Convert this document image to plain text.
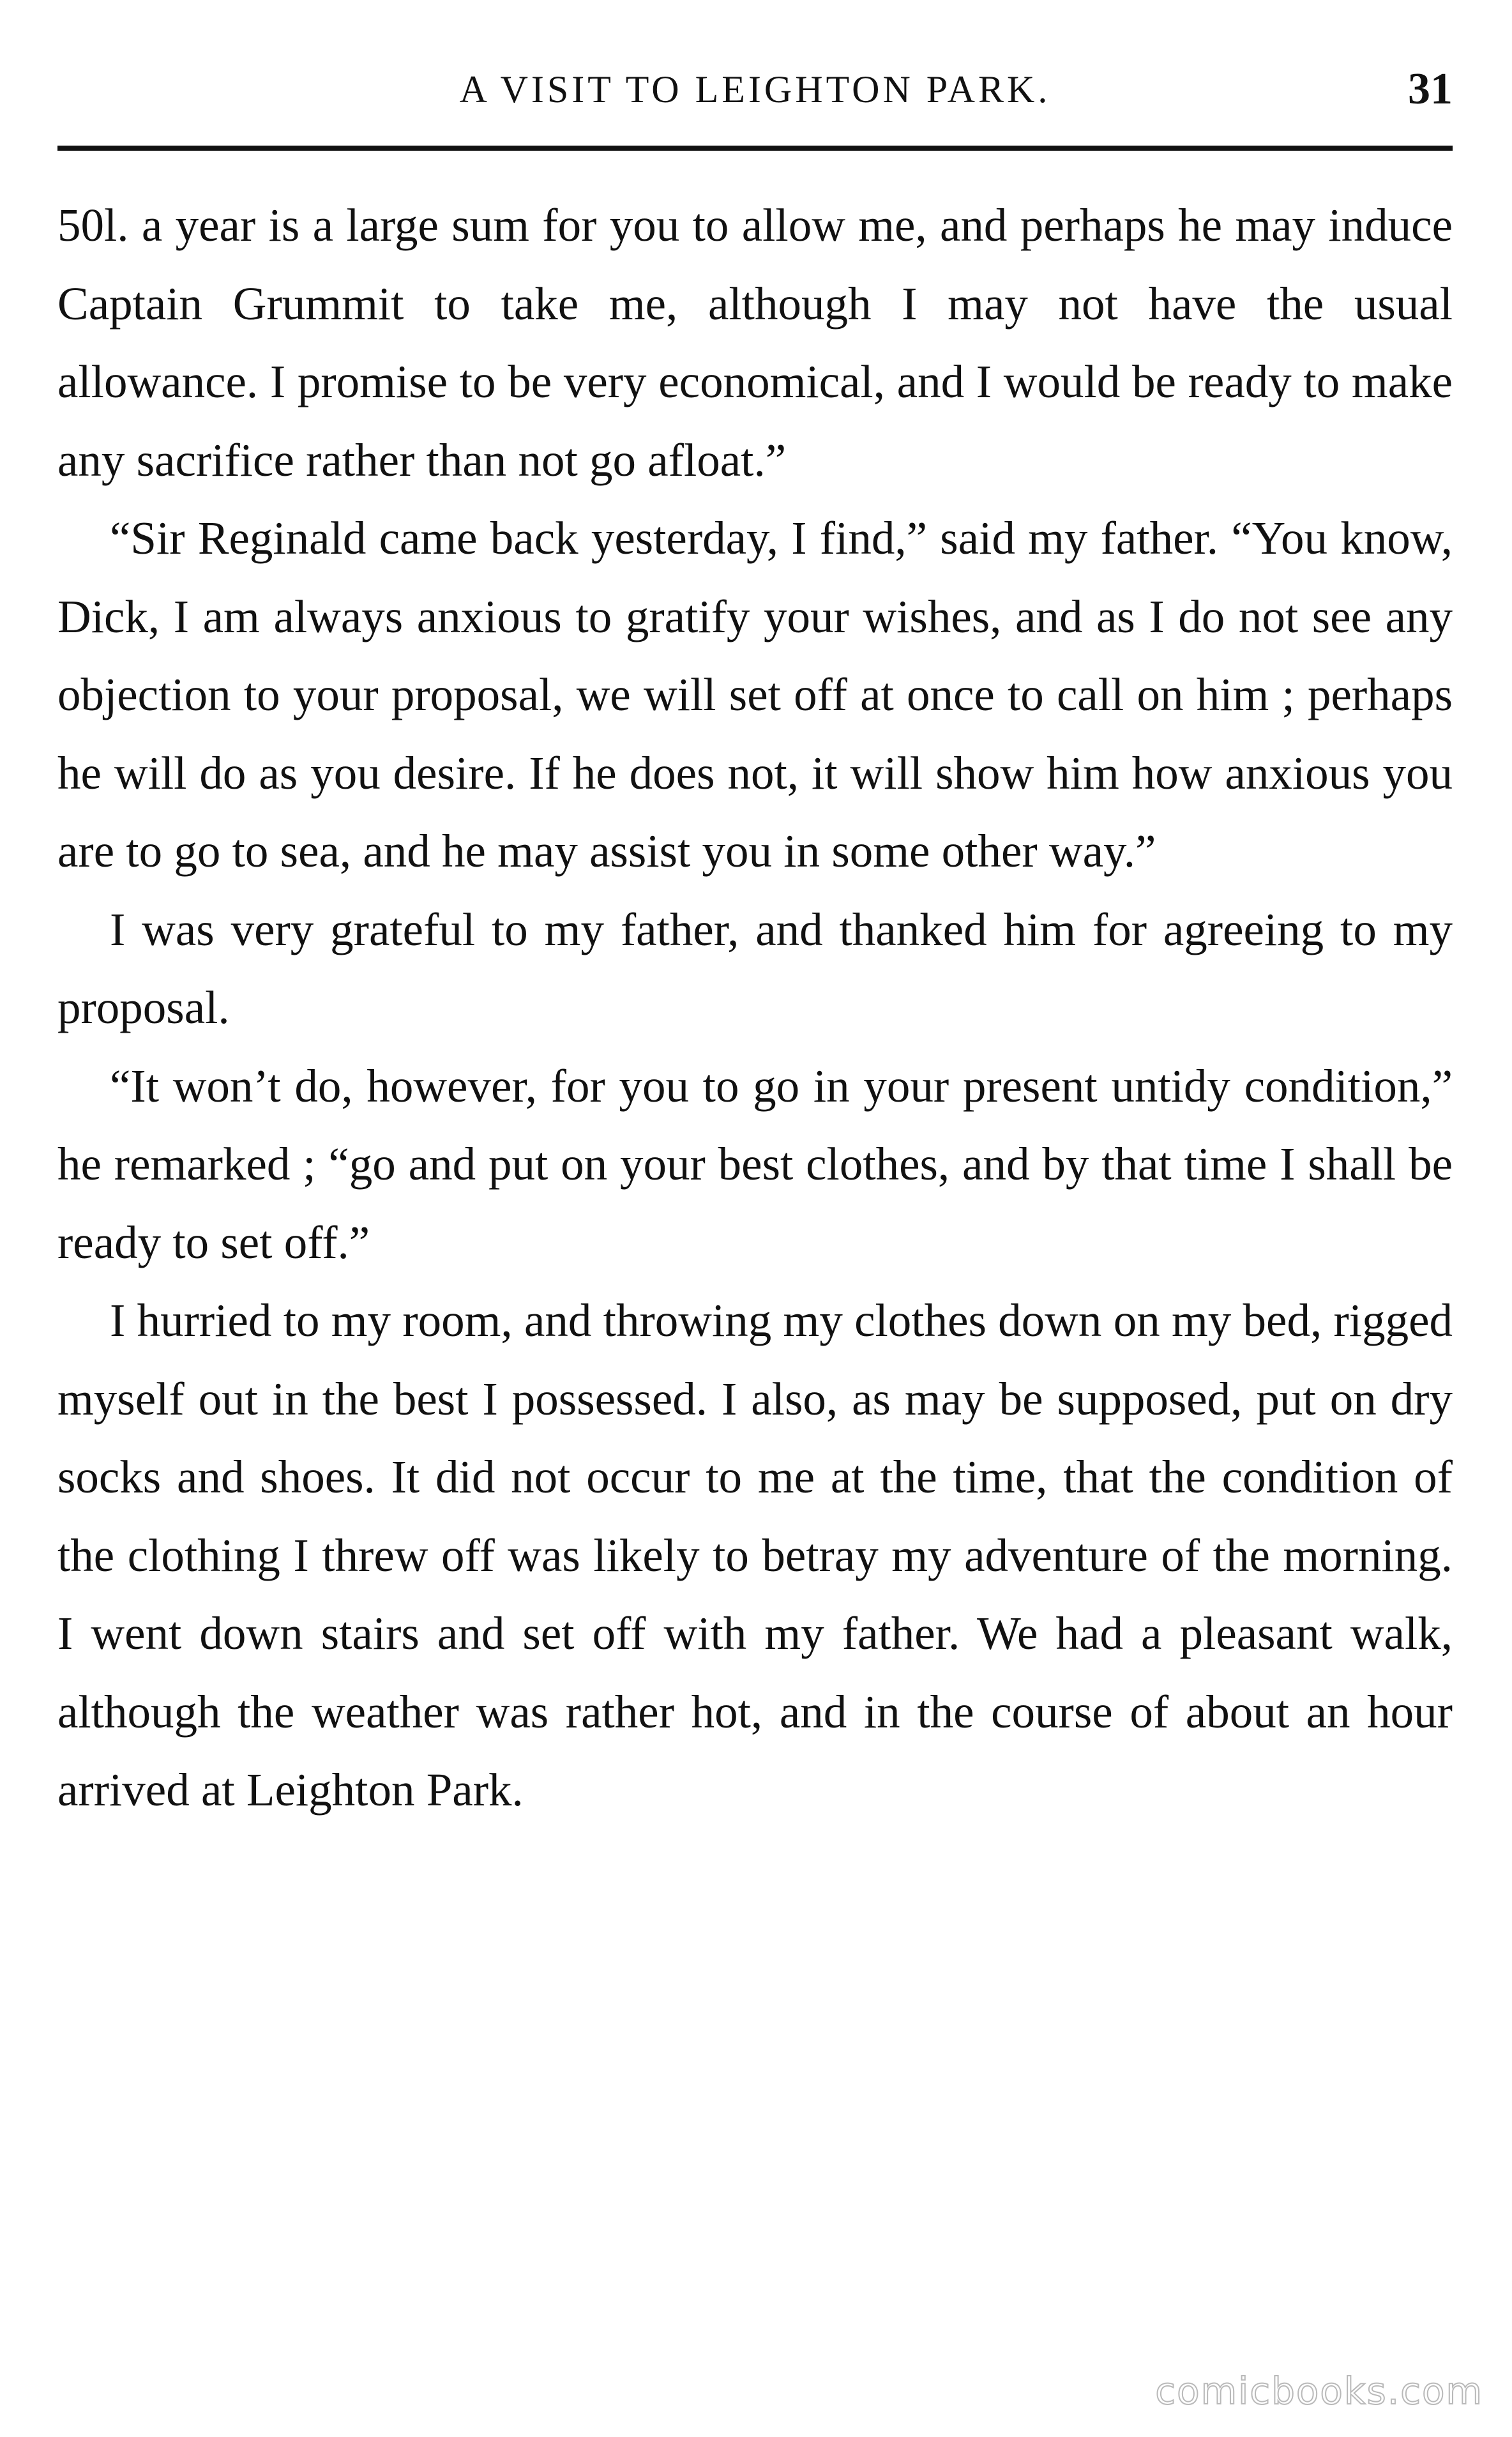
A VISIT TO LEIGHTON PARK.	31

50l. a year is a large sum for you to allow me, and perhaps he may induce Captain Grummit to take me, although I may not have the usual allowance. I promise to be very economical, and I would be ready to make any sacrifice rather than not go afloat.”

“Sir Reginald came back yesterday, I find,” said my father. “You know, Dick, I am always anxious to gratify your wishes, and as I do not see any objection to your proposal, we will set off at once to call on him ; perhaps he will do as you desire. If he does not, it will show him how anxious you are to go to sea, and he may assist you in some other way.”

I was very grateful to my father, and thanked him for agreeing to my proposal.

“It won’t do, however, for you to go in your present untidy condition,” he remarked ; “go and put on your best clothes, and by that time I shall be ready to set off.”

I hurried to my room, and throwing my clothes down on my bed, rigged myself out in the best I possessed. I also, as may be supposed, put on dry socks and shoes. It did not occur to me at the time, that the condition of the clothing I threw off was likely to betray my adventure of the morning. I went down stairs and set off with my father. We had a pleasant walk, although the weather was rather hot, and in the course of about an hour arrived at Leighton Park.

comicbooks.com
